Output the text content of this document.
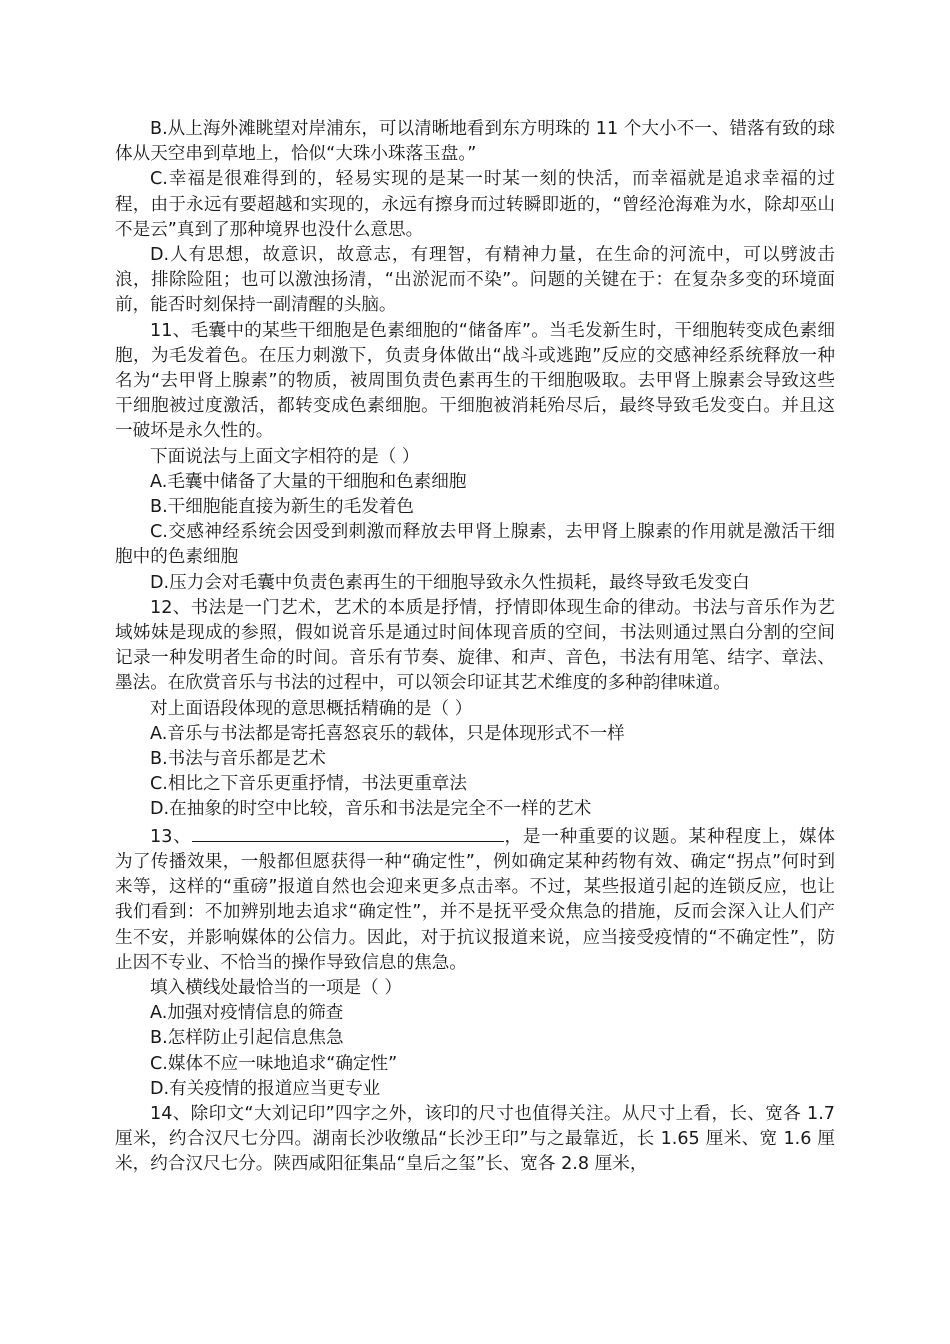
B.从上海外滩眺望对岸浦东，可以清晰地看到东方明珠的 11 个大小不一、错落有致的球体从天空串到草地上，恰似“大珠小珠落玉盘。”

C.幸福是很难得到的，轻易实现的是某一时某一刻的快活，而幸福就是追求幸福的过程，由于永远有要超越和实现的，永远有擦身而过转瞬即逝的，“曾经沧海难为水，除却巫山不是云”真到了那种境界也没什么意思。

D.人有思想，故意识，故意志，有理智，有精神力量，在生命的河流中，可以劈波击浪，排除险阻；也可以激浊扬清，“出淤泥而不染”。问题的关键在于：在复杂多变的环境面前，能否时刻保持一副清醒的头脑。

11、毛囊中的某些干细胞是色素细胞的“储备库”。当毛发新生时，干细胞转变成色素细胞，为毛发着色。在压力刺激下，负责身体做出“战斗或逃跑”反应的交感神经系统释放一种名为“去甲肾上腺素”的物质，被周围负责色素再生的干细胞吸取。去甲肾上腺素会导致这些干细胞被过度激活，都转变成色素细胞。干细胞被消耗殆尽后，最终导致毛发变白。并且这一破坏是永久性的。

下面说法与上面文字相符的是（ ）

A.毛囊中储备了大量的干细胞和色素细胞

B.干细胞能直接为新生的毛发着色

C.交感神经系统会因受到刺激而释放去甲肾上腺素，去甲肾上腺素的作用就是激活干细胞中的色素细胞

D.压力会对毛囊中负责色素再生的干细胞导致永久性损耗，最终导致毛发变白

12、书法是一门艺术，艺术的本质是抒情，抒情即体现生命的律动。书法与音乐作为艺域姊妹是现成的参照，假如说音乐是通过时间体现音质的空间，书法则通过黑白分割的空间记录一种发明者生命的时间。音乐有节奏、旋律、和声、音色，书法有用笔、结字、章法、墨法。在欣赏音乐与书法的过程中，可以领会印证其艺术维度的多种韵律味道。

对上面语段体现的意思概括精确的是（ ）

A.音乐与书法都是寄托喜怒哀乐的载体，只是体现形式不一样

B.书法与音乐都是艺术

C.相比之下音乐更重抒情，书法更重章法

D.在抽象的时空中比较，音乐和书法是完全不一样的艺术

13、	，是一种重要的议题。某种程度上，媒体为了传播效果，一般都但愿获得一种“确定性”，例如确定某种药物有效、确定“拐点”何时到来等，这样的“重磅”报道自然也会迎来更多点击率。不过，某些报道引起的连锁反应，也让我们看到：不加辨别地去追求“确定性”，并不是抚平受众焦急的措施，反而会深入让人们产生不安，并影响媒体的公信力。因此，对于抗议报道来说，应当接受疫情的“不确定性”，防止因不专业、不恰当的操作导致信息的焦急。

填入横线处最恰当的一项是（ ）

A.加强对疫情信息的筛查

B.怎样防止引起信息焦急

C.媒体不应一味地追求“确定性”

D.有关疫情的报道应当更专业

14、除印文“大刘记印”四字之外，该印的尺寸也值得关注。从尺寸上看，长、宽各 1.7 厘米，约合汉尺七分四。湖南长沙收缴品“长沙王印”与之最靠近，长 1.65 厘米、宽 1.6 厘米，约合汉尺七分。陕西咸阳征集品“皇后之玺”长、宽各 2.8 厘米，
